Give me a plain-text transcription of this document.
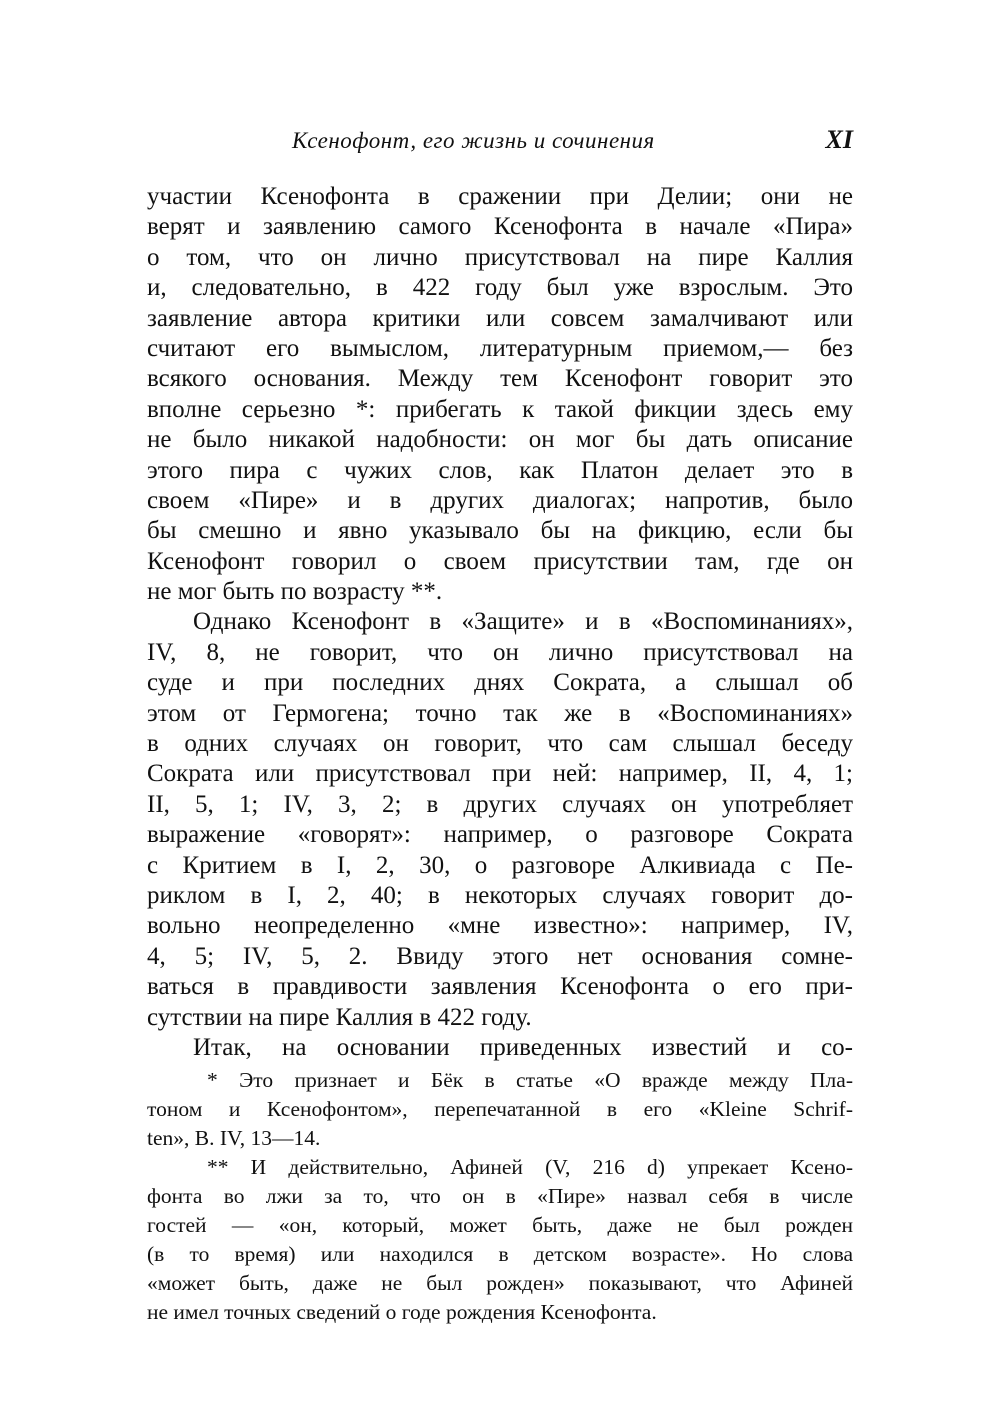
Ксенофонт, его жизнь и сочинения	XI
участии Ксенофонта в сражении при Делии; они не
верят и заявлению самого Ксенофонта в начале «Пира»
о том, что он лично присутствовал на пире Каллия
и, следовательно, в 422 году был уже взрослым. Это
заявление автора критики или совсем замалчивают или
считают его вымыслом, литературным приемом,— без
всякого основания. Между тем Ксенофонт говорит это
вполне серьезно *: прибегать к такой фикции здесь ему
не было никакой надобности: он мог бы дать описание
этого пира с чужих слов, как Платон делает это в
своем «Пире» и в других диалогах; напротив, было
бы смешно и явно указывало бы на фикцию, если бы
Ксенофонт говорил о своем присутствии там, где он
не мог быть по возрасту **.
Однако Ксенофонт в «Защите» и в «Воспоминаниях»,
IV, 8, не говорит, что он лично присутствовал на
суде и при последних днях Сократа, а слышал об
этом от Гермогена; точно так же в «Воспоминаниях»
в одних случаях он говорит, что сам слышал беседу
Сократа или присутствовал при ней: например, II, 4, 1;
II, 5, 1; IV, 3, 2; в других случаях он употребляет
выражение «говорят»: например, о разговоре Сократа
с Критием в I, 2, 30, о разговоре Алкивиада с Пе-
риклом в I, 2, 40; в некоторых случаях говорит до-
вольно неопределенно «мне известно»: например, IV,
4, 5; IV, 5, 2. Ввиду этого нет основания сомне-
ваться в правдивости заявления Ксенофонта о его при-
сутствии на пире Каллия в 422 году.
Итак, на основании приведенных известий и со-
* Это признает и Бёк в статье «О вражде между Пла-
тоном и Ксенофонтом», перепечатанной в его «Kleine Schrif-
ten», B. IV, 13—14.
** И действительно, Афиней (V, 216 d) упрекает Ксено-
фонта во лжи за то, что он в «Пире» назвал себя в числе
гостей — «он, который, может быть, даже не был рожден
(в то время) или находился в детском возрасте». Но слова
«может быть, даже не был рожден» показывают, что Афиней
не имел точных сведений о годе рождения Ксенофонта.
